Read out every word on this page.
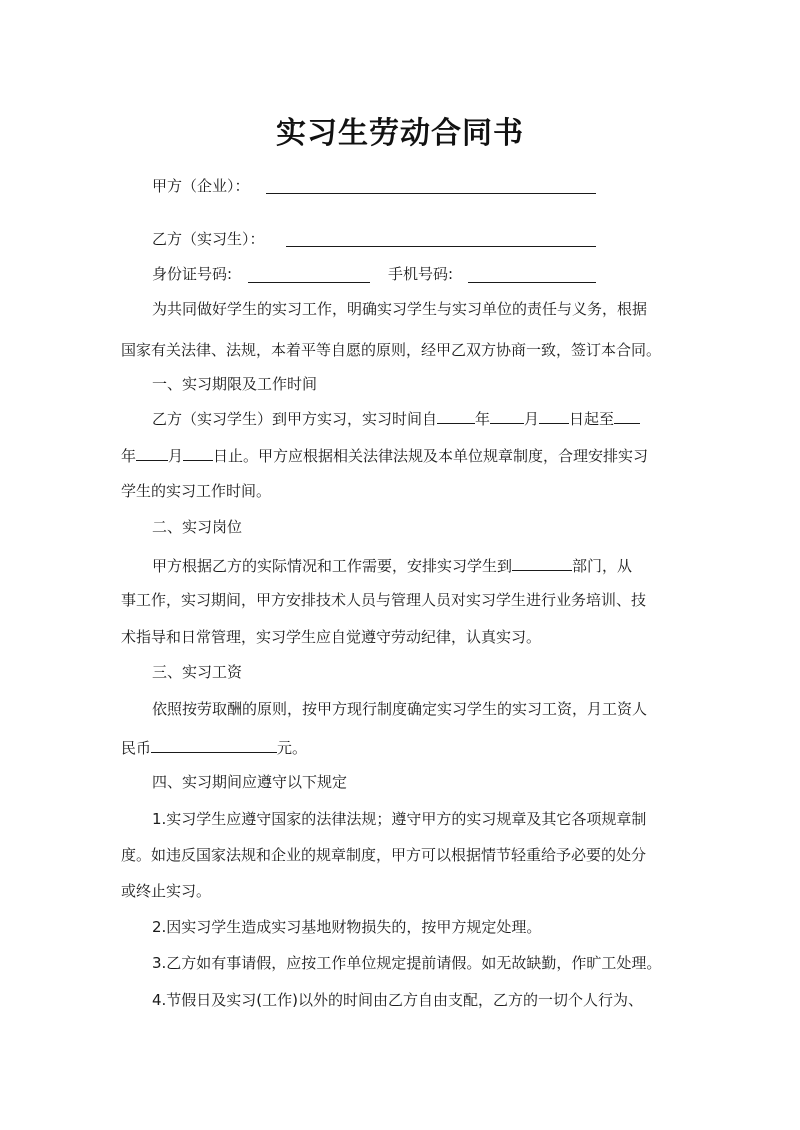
实习生劳动合同书
甲方（企业）：
乙方（实习生）：
身份证号码:	手机号码:
为共同做好学生的实习工作，明确实习学生与实习单位的责任与义务，根据
国家有关法律、法规，本着平等自愿的原则，经甲乙双方协商一致，签订本合同。
一、实习期限及工作时间
乙方（实习学生）到甲方实习，实习时间自	年 月 日起至
年 月 日止。甲方应根据相关法律法规及本单位规章制度，合理安排实习
学生的实习工作时间。
二、实习岗位
甲方根据乙方的实际情况和工作需要，安排实习学生到	部门，从
事工作，实习期间，甲方安排技术人员与管理人员对实习学生进行业务培训、技
术指导和日常管理，实习学生应自觉遵守劳动纪律，认真实习。
三、实习工资
依照按劳取酬的原则，按甲方现行制度确定实习学生的实习工资，月工资人
民币	元。
四、实习期间应遵守以下规定
1.实习学生应遵守国家的法律法规；遵守甲方的实习规章及其它各项规章制
度。如违反国家法规和企业的规章制度，甲方可以根据情节轻重给予必要的处分
或终止实习。
2.因实习学生造成实习基地财物损失的，按甲方规定处理。
3.乙方如有事请假，应按工作单位规定提前请假。如无故缺勤，作旷工处理。
4.节假日及实习(工作)以外的时间由乙方自由支配，乙方的一切个人行为、
